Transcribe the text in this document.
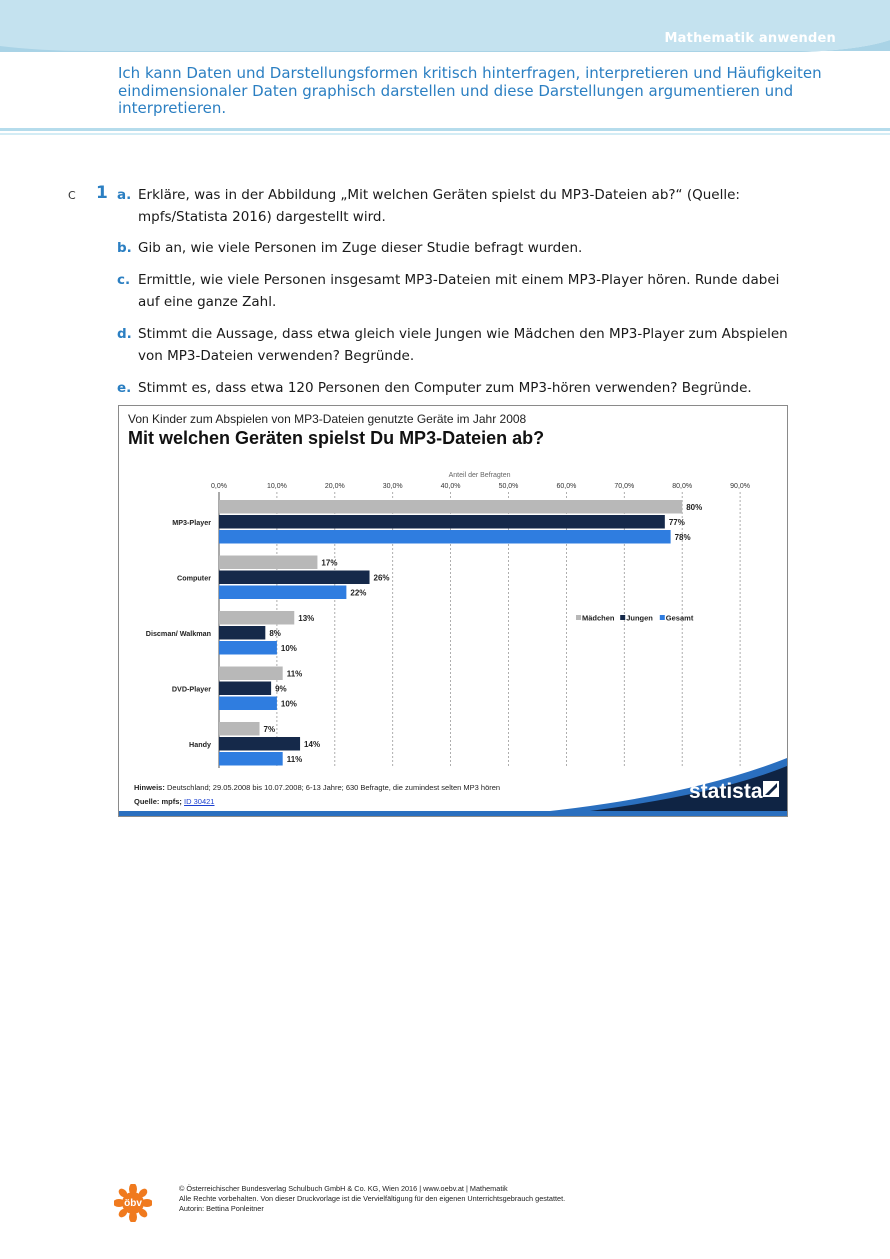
Mathematik anwenden
Ich kann Daten und Darstellungsformen kritisch hinterfragen, interpretieren und Häufigkeiten eindimensionaler Daten graphisch darstellen und diese Darstellungen argumentieren und interpretieren.
C 1 a. Erkläre, was in der Abbildung „Mit welchen Geräten spielst du MP3-Dateien ab?“ (Quelle: mpfs/Statista 2016) dargestellt wird.
b. Gib an, wie viele Personen im Zuge dieser Studie befragt wurden.
c. Ermittle, wie viele Personen insgesamt MP3-Dateien mit einem MP3-Player hören. Runde dabei auf eine ganze Zahl.
d. Stimmt die Aussage, dass etwa gleich viele Jungen wie Mädchen den MP3-Player zum Abspielen von MP3-Dateien verwenden? Begründe.
e. Stimmt es, dass etwa 120 Personen den Computer zum MP3-hören verwenden? Begründe.
Von Kinder zum Abspielen von MP3-Dateien genutzte Geräte im Jahr 2008
Mit welchen Geräten spielst Du MP3-Dateien ab?
Anteil der Befragten
0,0%	10,0%	20,0%	30,0%	40,0%	50,0%	60,0%	70,0%	80,0%	90,0%
MP3-Player
80%
77%
78%
Computer
17%
26%
22%
Discman/ Walkman
13%
8%
10%
DVD-Player
11%
9%
10%
Handy
7%
14%
11%
Mädchen Jungen Gesamt
statista
Hinweis: Deutschland; 29.05.2008 bis 10.07.2008; 6-13 Jahre; 630 Befragte, die zumindest selten MP3 hören
Quelle: mpfs; ID 30421
öbv
© Österreichischer Bundesverlag Schulbuch GmbH & Co. KG, Wien 2016 | www.oebv.at | Mathematik
Alle Rechte vorbehalten. Von dieser Druckvorlage ist die Vervielfältigung für den eigenen Unterrichtsgebrauch gestattet.
Autorin: Bettina Ponleitner
